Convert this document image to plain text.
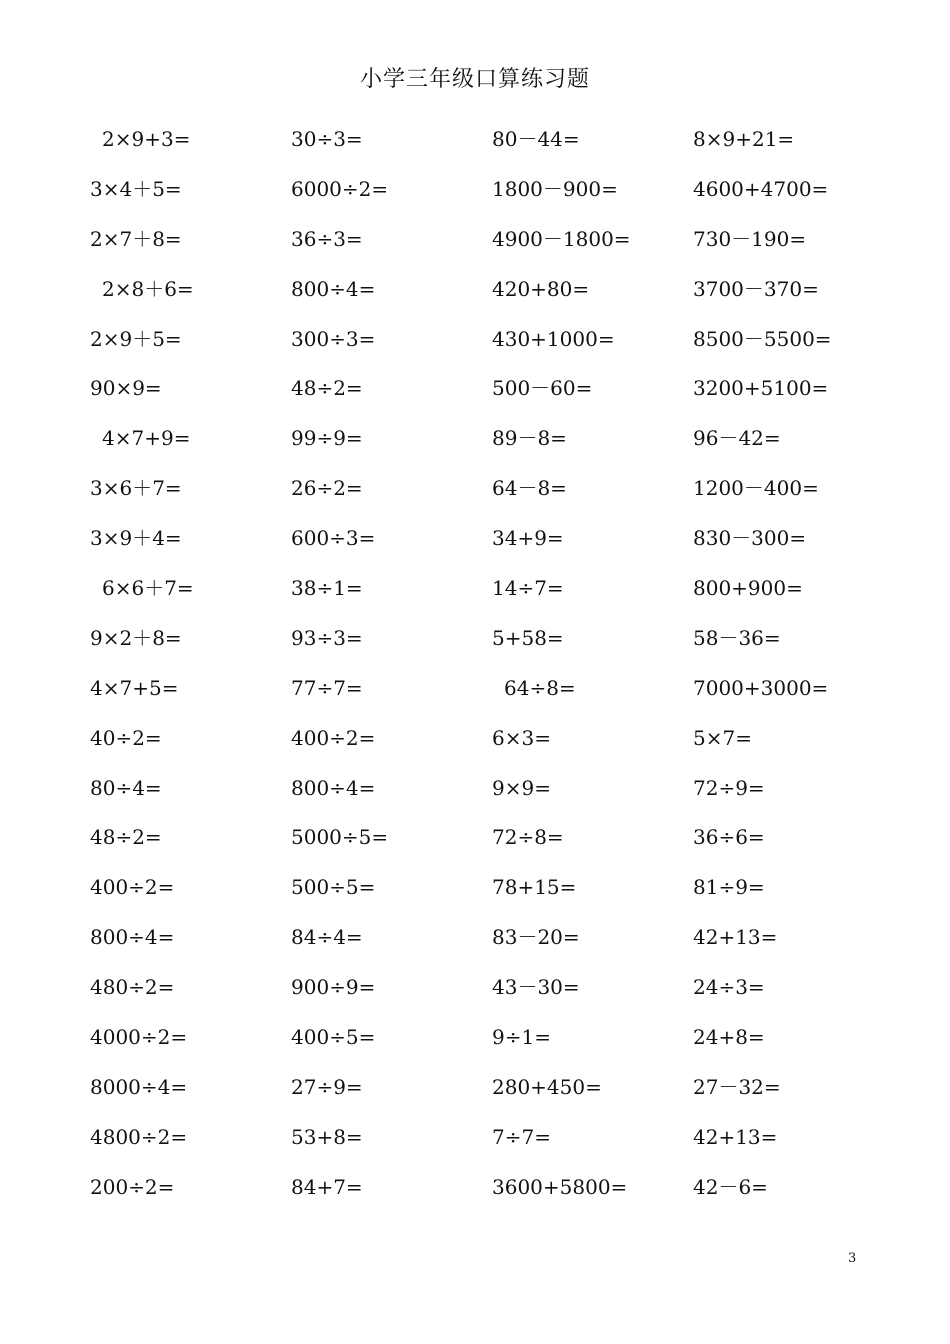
小学三年级口算练习题
2×9+3=	30÷3=	80－44=	8×9+21=
3×4＋5=	6000÷2=	1800－900=	4600+4700=
2×7＋8=	36÷3=	4900－1800=	730－190=
2×8＋6=	800÷4=	420+80=	3700－370=
2×9＋5=	300÷3=	430+1000=	8500－5500=
90×9=	48÷2=	500－60=	3200+5100=
4×7+9=	99÷9=	89－8=	96－42=
3×6＋7=	26÷2=	64－8=	1200－400=
3×9＋4=	600÷3=	34+9=	830－300=
6×6＋7=	38÷1=	14÷7=	800+900=
9×2＋8=	93÷3=	5+58=	58－36=
4×7+5=	77÷7=	64÷8=	7000+3000=
40÷2=	400÷2=	6×3=	5×7=
80÷4=	800÷4=	9×9=	72÷9=
48÷2=	5000÷5=	72÷8=	36÷6=
400÷2=	500÷5=	78+15=	81÷9=
800÷4=	84÷4=	83－20=	42+13=
480÷2=	900÷9=	43－30=	24÷3=
4000÷2=	400÷5=	9÷1=	24+8=
8000÷4=	27÷9=	280+450=	27－32=
4800÷2=	53+8=	7÷7=	42+13=
200÷2=	84+7=	3600+5800=	42－6=
3
